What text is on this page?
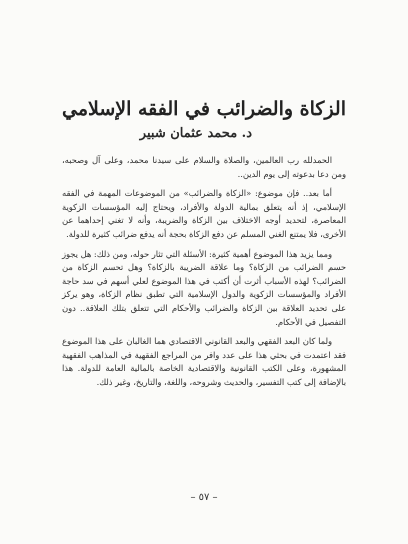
الزكاة والضرائب في الفقه الإسلامي
د. محمد عثمان شبير

الحمدلله رب العالمين، والصلاة والسلام على سيدنا محمد، وعلى آل وصحبه، ومن دعا بدعوته إلى يوم الدين..

أما بعد.. فإن موضوع: «الزكاة والضرائب» من الموضوعات المهمة في الفقه الإسلامي، إذ أنه يتعلق بمالية الدولة والأفراد، ويحتاج إليه المؤسسات الزكوية المعاصرة، لتحديد أوجه الاختلاف بين الزكاة والضريبة، وأنه لا تغني إحداهما عن الأخرى، فلا يمتنع الغني المسلم عن دفع الزكاة بحجة أنه يدفع ضرائب كثيرة للدولة.

ومما يزيد هذا الموضوع أهمية كثيرة: الأسئلة التي تثار حوله، ومن ذلك: هل يجوز حسم الضرائب من الزكاة؟ وما علاقة الضريبة بالزكاة؟ وهل تحسم الزكاة من الضرائب؟ لهذه الأسباب أثرت أن أكتب في هذا الموضوع لعلي أسهم في سد حاجة الأفراد والمؤسسات الزكوية والدول الإسلامية التي تطبق نظام الزكاة، وهو يركز على تحديد العلاقة بين الزكاة والضرائب والأحكام التي تتعلق بتلك العلاقة.. دون التفصيل في الأحكام.

ولما كان البعد الفقهي والبعد القانوني الاقتصادي هما الغالبان على هذا الموضوع فقد اعتمدت في بحثي هذا على عدد وافر من المراجع الفقهية في المذاهب الفقهية المشهورة، وعلى الكتب القانونية والاقتصادية الخاصة بالمالية العامة للدولة. هذا بالإضافة إلى كتب التفسير، والحديث وشروحه، واللغة، والتاريخ، وغير ذلك.

– ٥٧ –
